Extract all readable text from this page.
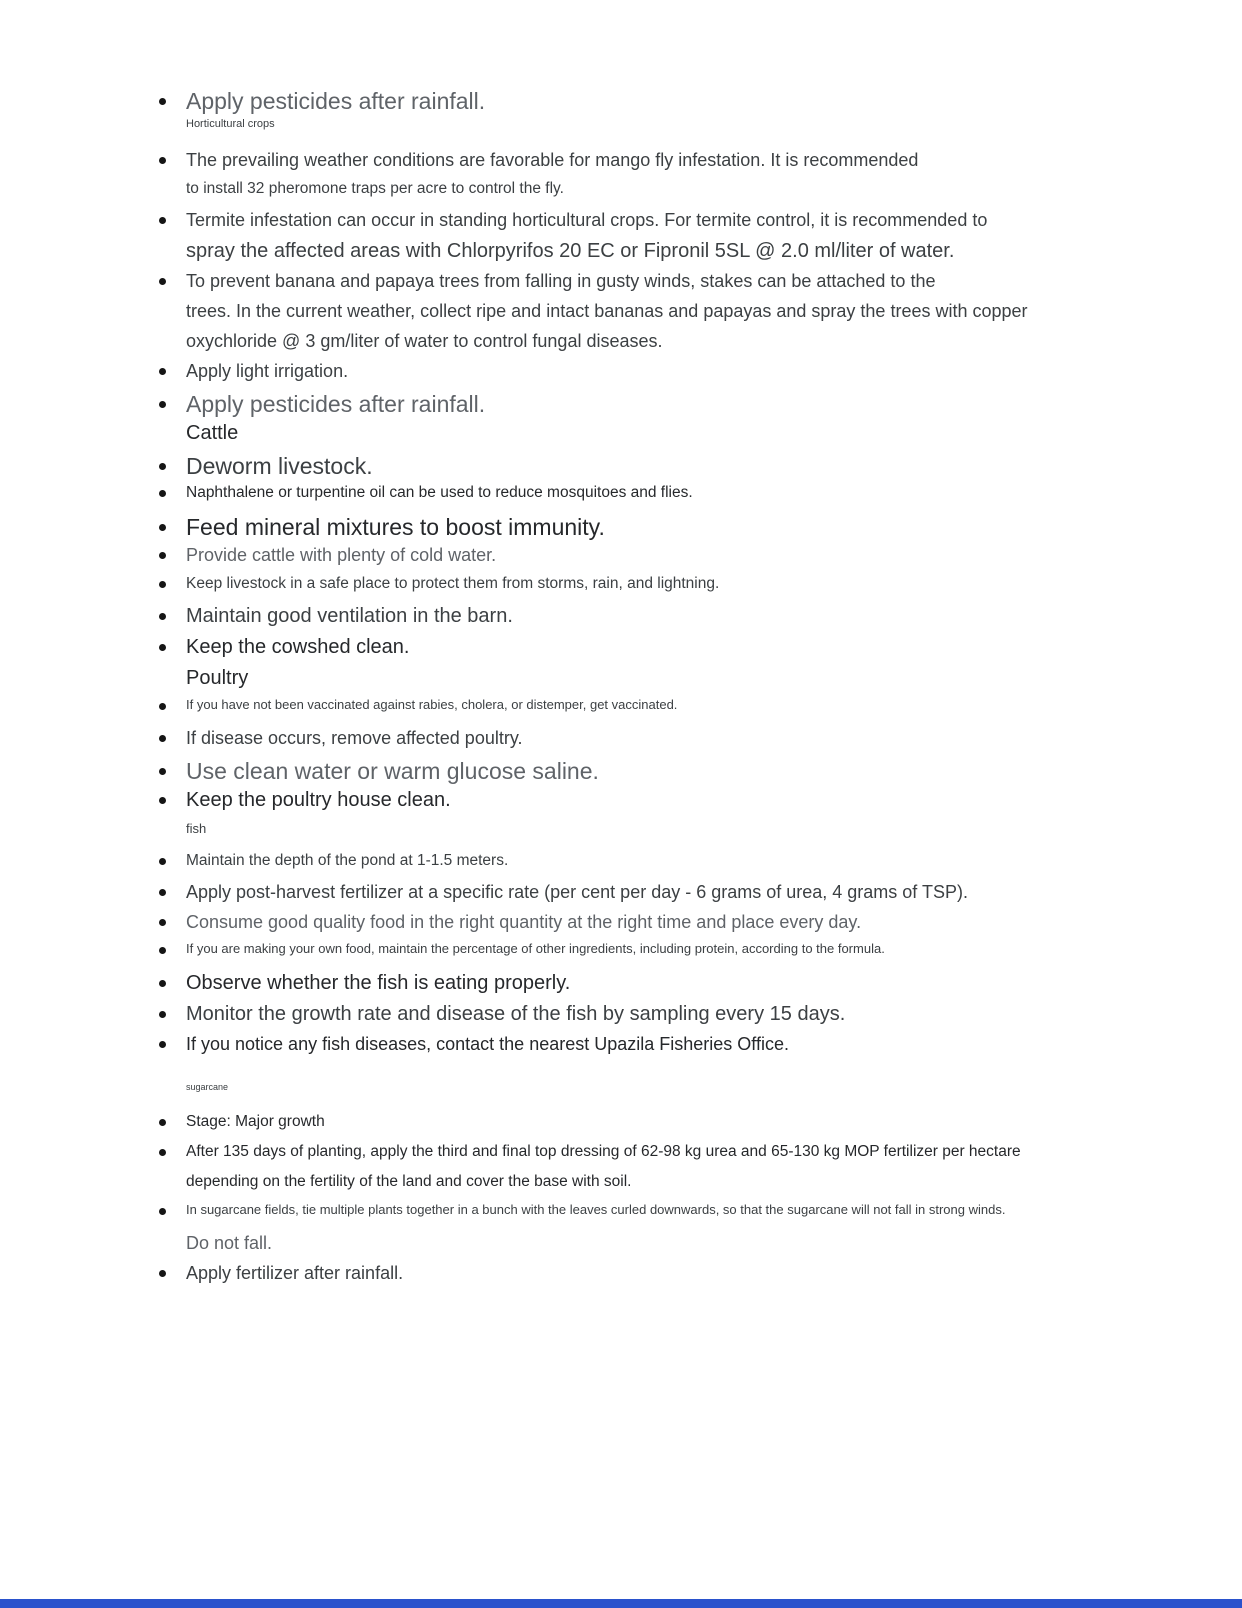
Apply pesticides after rainfall.
Horticultural crops
The prevailing weather conditions are favorable for mango fly infestation. It is recommended
to install 32 pheromone traps per acre to control the fly.
Termite infestation can occur in standing horticultural crops. For termite control, it is recommended to
spray the affected areas with Chlorpyrifos 20 EC or Fipronil 5SL @ 2.0 ml/liter of water.
To prevent banana and papaya trees from falling in gusty winds, stakes can be attached to the
trees. In the current weather, collect ripe and intact bananas and papayas and spray the trees with copper
oxychloride @ 3 gm/liter of water to control fungal diseases.
Apply light irrigation.
Apply pesticides after rainfall.
Cattle
Deworm livestock.
Naphthalene or turpentine oil can be used to reduce mosquitoes and flies.
Feed mineral mixtures to boost immunity.
Provide cattle with plenty of cold water.
Keep livestock in a safe place to protect them from storms, rain, and lightning.
Maintain good ventilation in the barn.
Keep the cowshed clean.
Poultry
If you have not been vaccinated against rabies, cholera, or distemper, get vaccinated.
If disease occurs, remove affected poultry.
Use clean water or warm glucose saline.
Keep the poultry house clean.
fish
Maintain the depth of the pond at 1-1.5 meters.
Apply post-harvest fertilizer at a specific rate (per cent per day - 6 grams of urea, 4 grams of TSP).
Consume good quality food in the right quantity at the right time and place every day.
If you are making your own food, maintain the percentage of other ingredients, including protein, according to the formula.
Observe whether the fish is eating properly.
Monitor the growth rate and disease of the fish by sampling every 15 days.
If you notice any fish diseases, contact the nearest Upazila Fisheries Office.
sugarcane
Stage: Major growth
After 135 days of planting, apply the third and final top dressing of 62-98 kg urea and 65-130 kg MOP fertilizer per hectare
depending on the fertility of the land and cover the base with soil.
In sugarcane fields, tie multiple plants together in a bunch with the leaves curled downwards, so that the sugarcane will not fall in strong winds.
Do not fall.
Apply fertilizer after rainfall.
